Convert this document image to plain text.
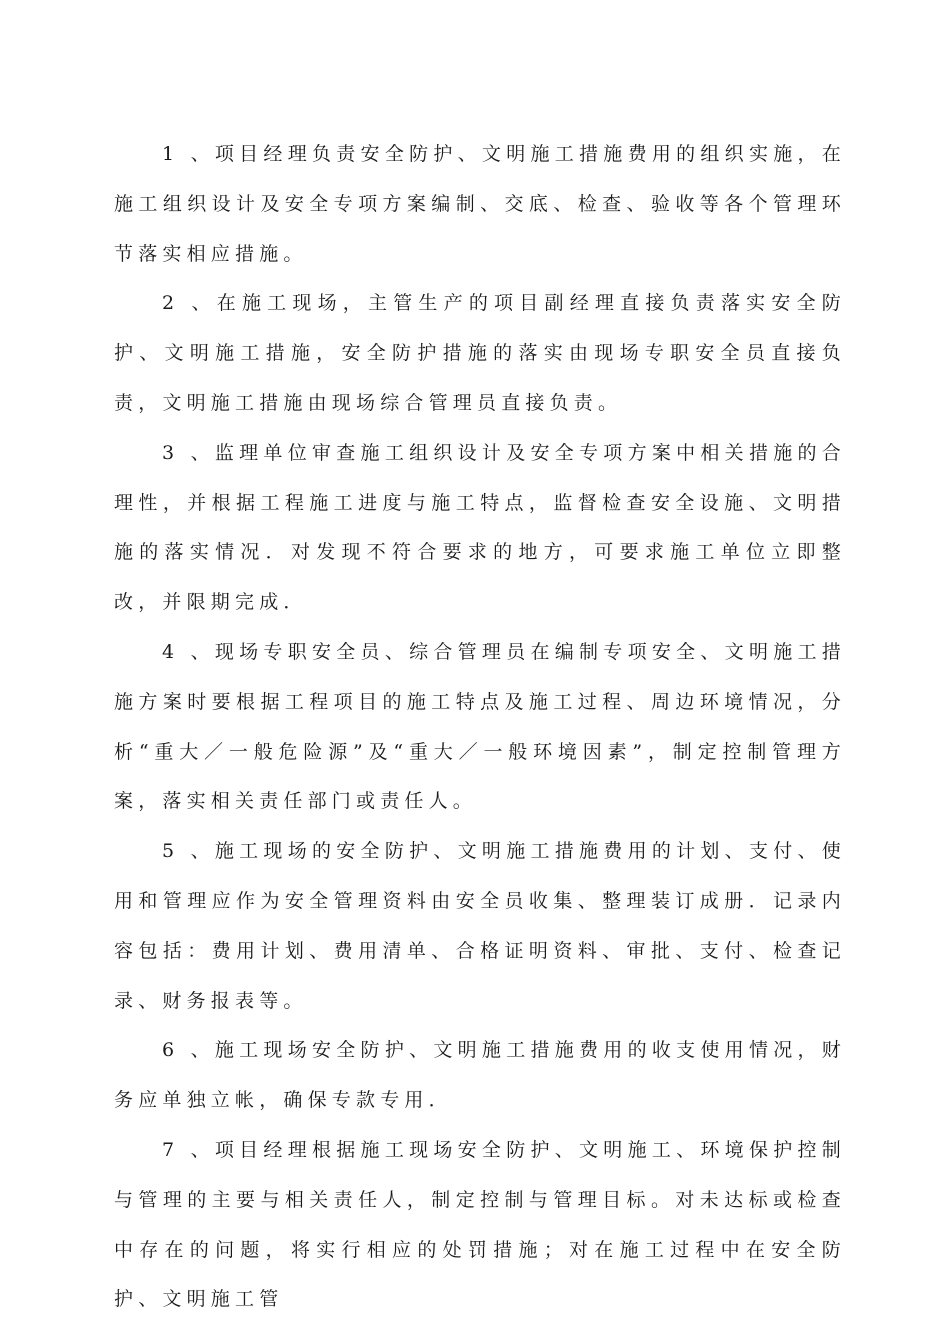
1 、项目经理负责安全防护、文明施工措施费用的组织实施，在施工组织设计及安全专项方案编制、交底、检查、验收等各个管理环节落实相应措施。

2 、在施工现场，主管生产的项目副经理直接负责落实安全防护、文明施工措施，安全防护措施的落实由现场专职安全员直接负责，文明施工措施由现场综合管理员直接负责。

3 、监理单位审查施工组织设计及安全专项方案中相关措施的合理性，并根据工程施工进度与施工特点，监督检查安全设施、文明措施的落实情况．对发现不符合要求的地方，可要求施工单位立即整改，并限期完成．

4 、现场专职安全员、综合管理员在编制专项安全、文明施工措施方案时要根据工程项目的施工特点及施工过程、周边环境情况，分析“重大／一般危险源”及“重大／一般环境因素”，制定控制管理方案，落实相关责任部门或责任人。

5 、施工现场的安全防护、文明施工措施费用的计划、支付、使用和管理应作为安全管理资料由安全员收集、整理装订成册．记录内容包括：费用计划、费用清单、合格证明资料、审批、支付、检查记录、财务报表等。

6 、施工现场安全防护、文明施工措施费用的收支使用情况，财务应单独立帐，确保专款专用．

7 、项目经理根据施工现场安全防护、文明施工、环境保护控制与管理的主要与相关责任人，制定控制与管理目标。对未达标或检查中存在的问题，将实行相应的处罚措施；对在施工过程中在安全防护、文明施工管
